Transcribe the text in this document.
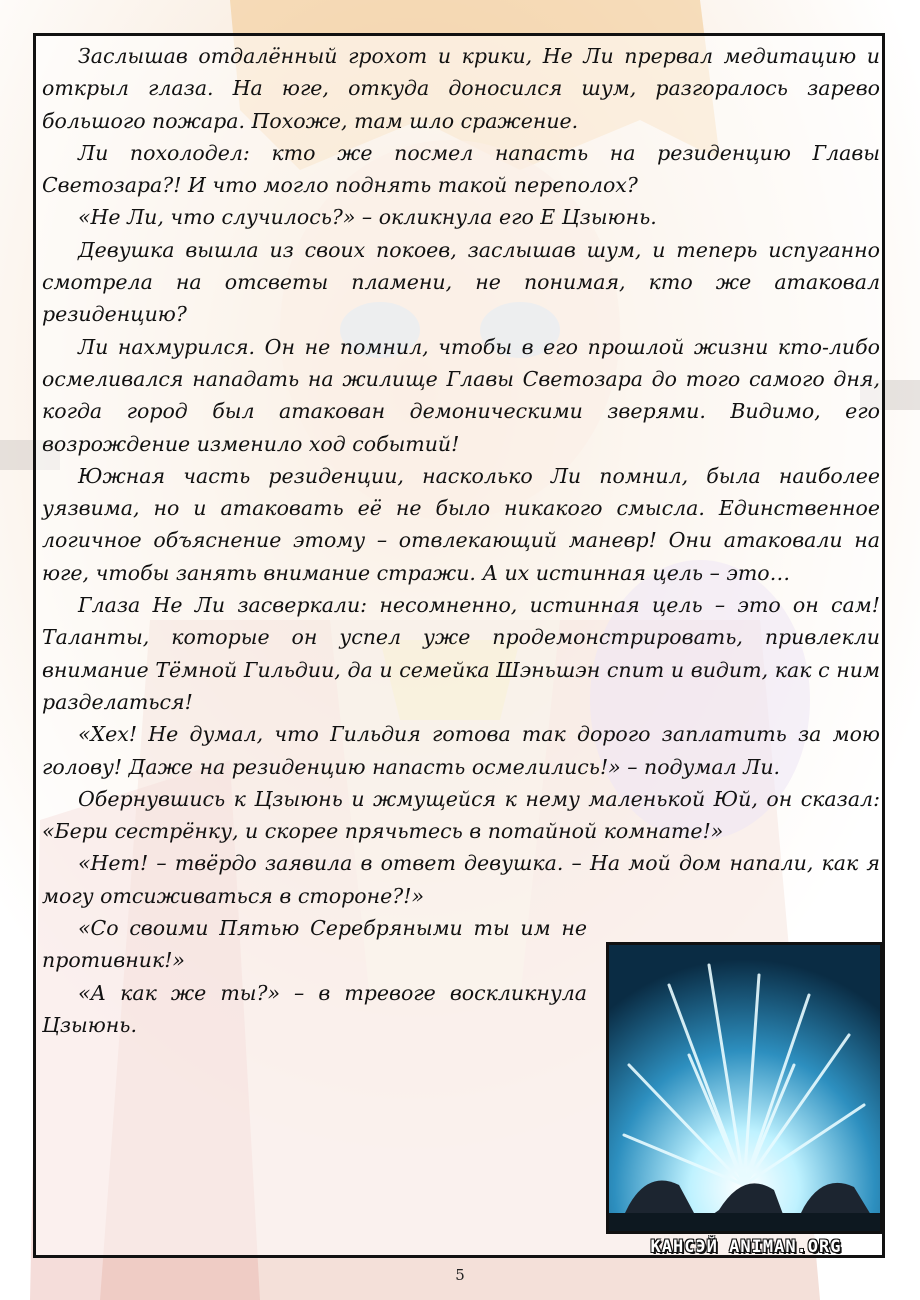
Заслышав отдалённый грохот и крики, Не Ли прервал медитацию и открыл глаза. На юге, откуда доносился шум, разгоралось зарево большого пожара. Похоже, там шло сражение.

Ли похолодел: кто же посмел напасть на резиденцию Главы Светозара?! И что могло поднять такой переполох?

«Не Ли, что случилось?» – окликнула его Е Цзыюнь.

Девушка вышла из своих покоев, заслышав шум, и теперь испуганно смотрела на отсветы пламени, не понимая, кто же атаковал резиденцию?

Ли нахмурился. Он не помнил, чтобы в его прошлой жизни кто-либо осмеливался нападать на жилище Главы Светозара до того самого дня, когда город был атакован демоническими зверями. Видимо, его возрождение изменило ход событий!

Южная часть резиденции, насколько Ли помнил, была наиболее уязвима, но и атаковать её не было никакого смысла. Единственное логичное объяснение этому – отвлекающий маневр! Они атаковали на юге, чтобы занять внимание стражи. А их истинная цель – это…

Глаза Не Ли засверкали: несомненно, истинная цель – это он сам! Таланты, которые он успел уже продемонстрировать, привлекли внимание Тёмной Гильдии, да и семейка Шэньшэн спит и видит, как с ним разделаться!

«Хех! Не думал, что Гильдия готова так дорого заплатить за мою голову! Даже на резиденцию напасть осмелились!» – подумал Ли.

Обернувшись к Цзыюнь и жмущейся к нему маленькой Юй, он сказал: «Бери сестрёнку, и скорее прячьтесь в потайной комнате!»

«Нет! – твёрдо заявила в ответ девушка. – На мой дом напали, как я могу отсиживаться в стороне?!»

«Со своими Пятью Серебряными ты им не противник!»

«А как же ты?» – в тревоге воскликнула Цзыюнь.

КАНСЭЙ ANIMAN.ORG
5
